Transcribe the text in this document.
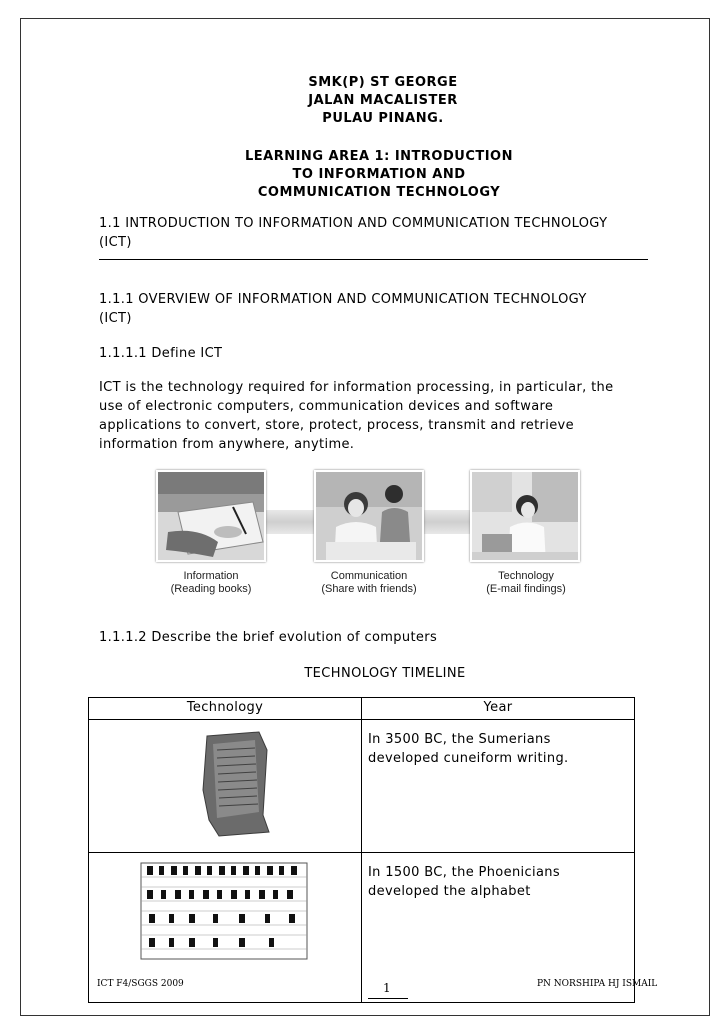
SMK(P) ST GEORGE
JALAN MACALISTER
PULAU PINANG.
LEARNING AREA 1: INTRODUCTION
TO INFORMATION AND
COMMUNICATION TECHNOLOGY
1.1 INTRODUCTION TO INFORMATION AND COMMUNICATION TECHNOLOGY
(ICT)
1.1.1 OVERVIEW OF INFORMATION AND COMMUNICATION TECHNOLOGY
(ICT)
1.1.1.1 Define ICT
ICT is the technology required for information processing, in particular, the
use of electronic computers, communication devices and software
applications to convert, store, protect, process, transmit and retrieve
information from anywhere, anytime.
Information
(Reading books)
Communication
(Share with friends)
Technology
(E-mail findings)
1.1.1.2 Describe the brief evolution of computers
TECHNOLOGY TIMELINE
Technology	Year

In 3500 BC, the Sumerians
developed cuneiform writing.

In 1500 BC, the Phoenicians
developed the alphabet
ICT F4/SGGS 2009	1	PN NORSHIPA HJ ISMAIL
